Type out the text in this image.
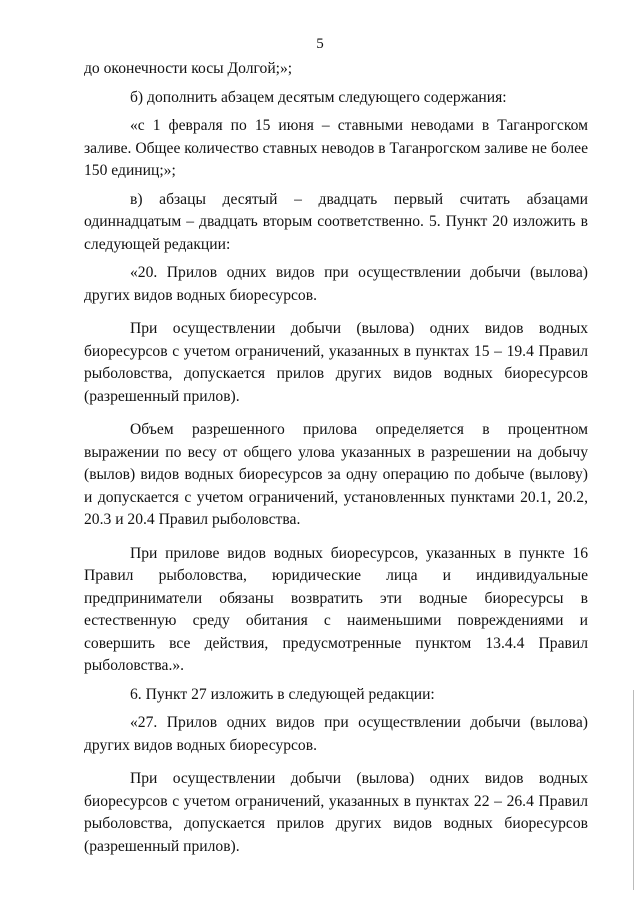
5

до оконечности косы Долгой;»;

б) дополнить абзацем десятым следующего содержания:

«с 1 февраля по 15 июня – ставными неводами в Таганрогском заливе. Общее количество ставных неводов в Таганрогском заливе не более 150 единиц;»;

в) абзацы десятый – двадцать первый считать абзацами одиннадцатым – двадцать вторым соответственно. 5. Пункт 20 изложить в следующей редакции:

«20. Прилов одних видов при осуществлении добычи (вылова) других видов водных биоресурсов.

При осуществлении добычи (вылова) одних видов водных биоресурсов с учетом ограничений, указанных в пунктах 15 – 19.4 Правил рыболовства, допускается прилов других видов водных биоресурсов (разрешенный прилов).

Объем разрешенного прилова определяется в процентном выражении по весу от общего улова указанных в разрешении на добычу (вылов) видов водных биоресурсов за одну операцию по добыче (вылову) и допускается с учетом ограничений, установленных пунктами 20.1, 20.2, 20.3 и 20.4 Правил рыболовства.

При прилове видов водных биоресурсов, указанных в пункте 16 Правил рыболовства, юридические лица и индивидуальные предприниматели обязаны возвратить эти водные биоресурсы в естественную среду обитания с наименьшими повреждениями и совершить все действия, предусмотренные пунктом 13.4.4 Правил рыболовства.».

6. Пункт 27 изложить в следующей редакции:

«27. Прилов одних видов при осуществлении добычи (вылова) других видов водных биоресурсов.

При осуществлении добычи (вылова) одних видов водных биоресурсов с учетом ограничений, указанных в пунктах 22 – 26.4 Правил рыболовства, допускается прилов других видов водных биоресурсов (разрешенный прилов).
